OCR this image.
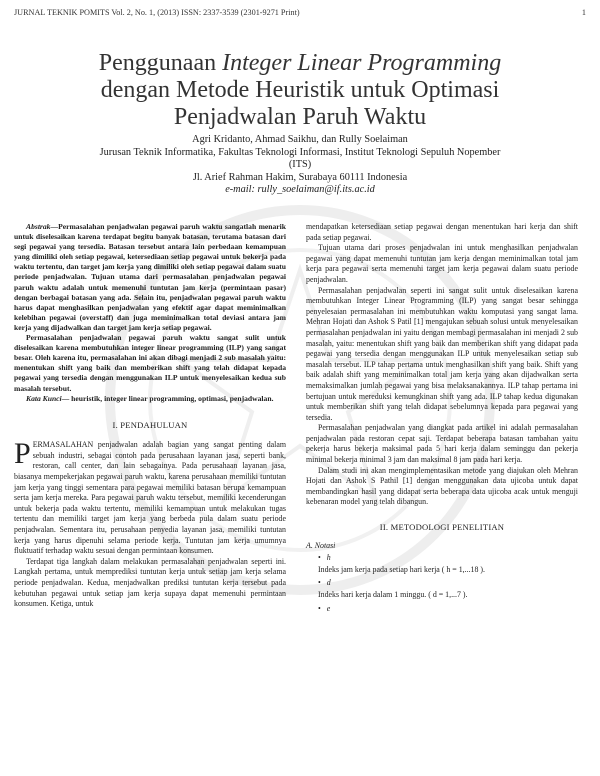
JURNAL TEKNIK POMITS Vol. 2, No. 1, (2013) ISSN: 2337-3539 (2301-9271 Print)	1
Penggunaan Integer Linear Programming
dengan Metode Heuristik untuk Optimasi
Penjadwalan Paruh Waktu
Agri Kridanto, Ahmad Saikhu, dan Rully Soelaiman
Jurusan Teknik Informatika, Fakultas Teknologi Informasi, Institut Teknologi Sepuluh Nopember
(ITS)
Jl. Arief Rahman Hakim, Surabaya 60111 Indonesia
e-mail: rully_soelaiman@if.its.ac.id

Abstrak—Permasalahan penjadwalan pegawai paruh waktu sangatlah menarik untuk diselesaikan karena terdapat begitu banyak batasan, terutama batasan dari segi pegawai yang tersedia. Batasan tersebut antara lain perbedaan kemampuan yang dimiliki oleh setiap pegawai, ketersediaan setiap pegawai untuk bekerja pada waktu tertentu, dan target jam kerja yang dimiliki oleh setiap pegawai dalam suatu periode penjadwalan. Tujuan utama dari permasalahan penjadwalan pegawai paruh waktu adalah untuk memenuhi tuntutan jam kerja (permintaan pasar) dengan berbagai batasan yang ada. Selain itu, penjadwalan pegawai paruh waktu harus dapat menghasilkan penjadwalan yang efektif agar dapat meminimalkan kelebihan pegawai (overstaff) dan juga meminimalkan total deviasi antara jam kerja yang dijadwalkan dan target jam kerja setiap pegawai.

Permasalahan penjadwalan pegawai paruh waktu sangat sulit untuk diselesaikan karena membutuhkan integer linear programming (ILP) yang sangat besar. Oleh karena itu, permasalahan ini akan dibagi menjadi 2 sub masalah yaitu: menentukan shift yang baik dan memberikan shift yang telah didapat kepada pegawai yang tersedia dengan menggunakan ILP untuk menyelesaikan kedua sub masalah tersebut.

Kata Kunci— heuristik, integer linear programming, optimasi, penjadwalan.

I. PENDAHULUAN

PERMASALAHAN penjadwalan adalah bagian yang sangat penting dalam sebuah industri, sebagai contoh pada perusahaan layanan jasa, seperti bank, restoran, call center, dan lain sebagainya. Pada perusahaan layanan jasa, biasanya mempekerjakan pegawai paruh waktu, karena perusahaan memiliki tuntutan jam kerja yang tinggi sementara para pegawai memiliki batasan berupa kemampuan serta jam kerja mereka. Para pegawai paruh waktu tersebut, memiliki kecenderungan untuk bekerja pada waktu tertentu, memiliki kemampuan untuk melakukan tugas tertentu dan memiliki target jam kerja yang berbeda pula dalam suatu periode penjadwalan. Sementara itu, perusahaan penyedia layanan jasa, memiliki tuntutan kerja yang harus dipenuhi selama periode kerja. Tuntutan jam kerja umumnya fluktuatif terhadap waktu sesuai dengan permintaan konsumen.

Terdapat tiga langkah dalam melakukan permasalahan penjadwalan seperti ini. Langkah pertama, untuk memprediksi tuntutan kerja untuk setiap jam kerja selama periode penjadwalan. Kedua, menjadwalkan prediksi tuntutan kerja tersebut pada kebutuhan pegawai untuk setiap jam kerja supaya dapat memenuhi permintaan konsumen. Ketiga, untuk

mendapatkan ketersediaan setiap pegawai dengan menentukan hari kerja dan shift pada setiap pegawai.

Tujuan utama dari proses penjadwalan ini untuk menghasilkan penjadwalan pegawai yang dapat memenuhi tuntutan jam kerja dengan meminimalkan total jam kerja para pegawai serta memenuhi target jam kerja pegawai dalam suatu periode penjadwalan.

Permasalahan penjadwalan seperti ini sangat sulit untuk diselesaikan karena membutuhkan Integer Linear Programming (ILP) yang sangat besar sehingga penyelesaian permasalahan ini membutuhkan waktu komputasi yang sangat lama. Mehran Hojati dan Ashok S Patil [1] mengajukan sebuah solusi untuk menyelesaikan permasalahan penjadwalan ini yaitu dengan membagi permasalahan ini menjadi 2 sub masalah, yaitu: menentukan shift yang baik dan memberikan shift yang didapat pada pegawai yang tersedia dengan menggunakan ILP untuk menyelesaikan setiap sub masalah tersebut. ILP tahap pertama untuk menghasilkan shift yang baik. Shift yang baik adalah shift yang meminimalkan total jam kerja yang akan dijadwalkan serta memaksimalkan jumlah pegawai yang bisa melaksanakannya. ILP tahap pertama ini bertujuan untuk mereduksi kemungkinan shift yang ada. ILP tahap kedua digunakan untuk memberikan shift yang telah didapat sebelumnya kepada para pegawai yang tersedia.

Permasalahan penjadwalan yang diangkat pada artikel ini adalah permasalahan penjadwalan pada restoran cepat saji. Terdapat beberapa batasan tambahan yaitu pekerja harus bekerja maksimal pada 5 hari kerja dalam seminggu dan pekerja minimal bekerja minimal 3 jam dan maksimal 8 jam pada hari kerja.

Dalam studi ini akan mengimplementasikan metode yang diajukan oleh Mehran Hojati dan Ashok S Pathil [1] dengan menggunakan data ujicoba untuk dapat membandingkan hasil yang didapat serta beberapa data ujicoba acak untuk menguji kebenaran model yang telah dibangun.

II. METODOLOGI PENELITIAN
A. Notasi
• h
Indeks jam kerja pada setiap hari kerja ( h = 1,...18 ).
• d
Indeks hari kerja dalam 1 minggu. ( d = 1,...7 ).
• e
